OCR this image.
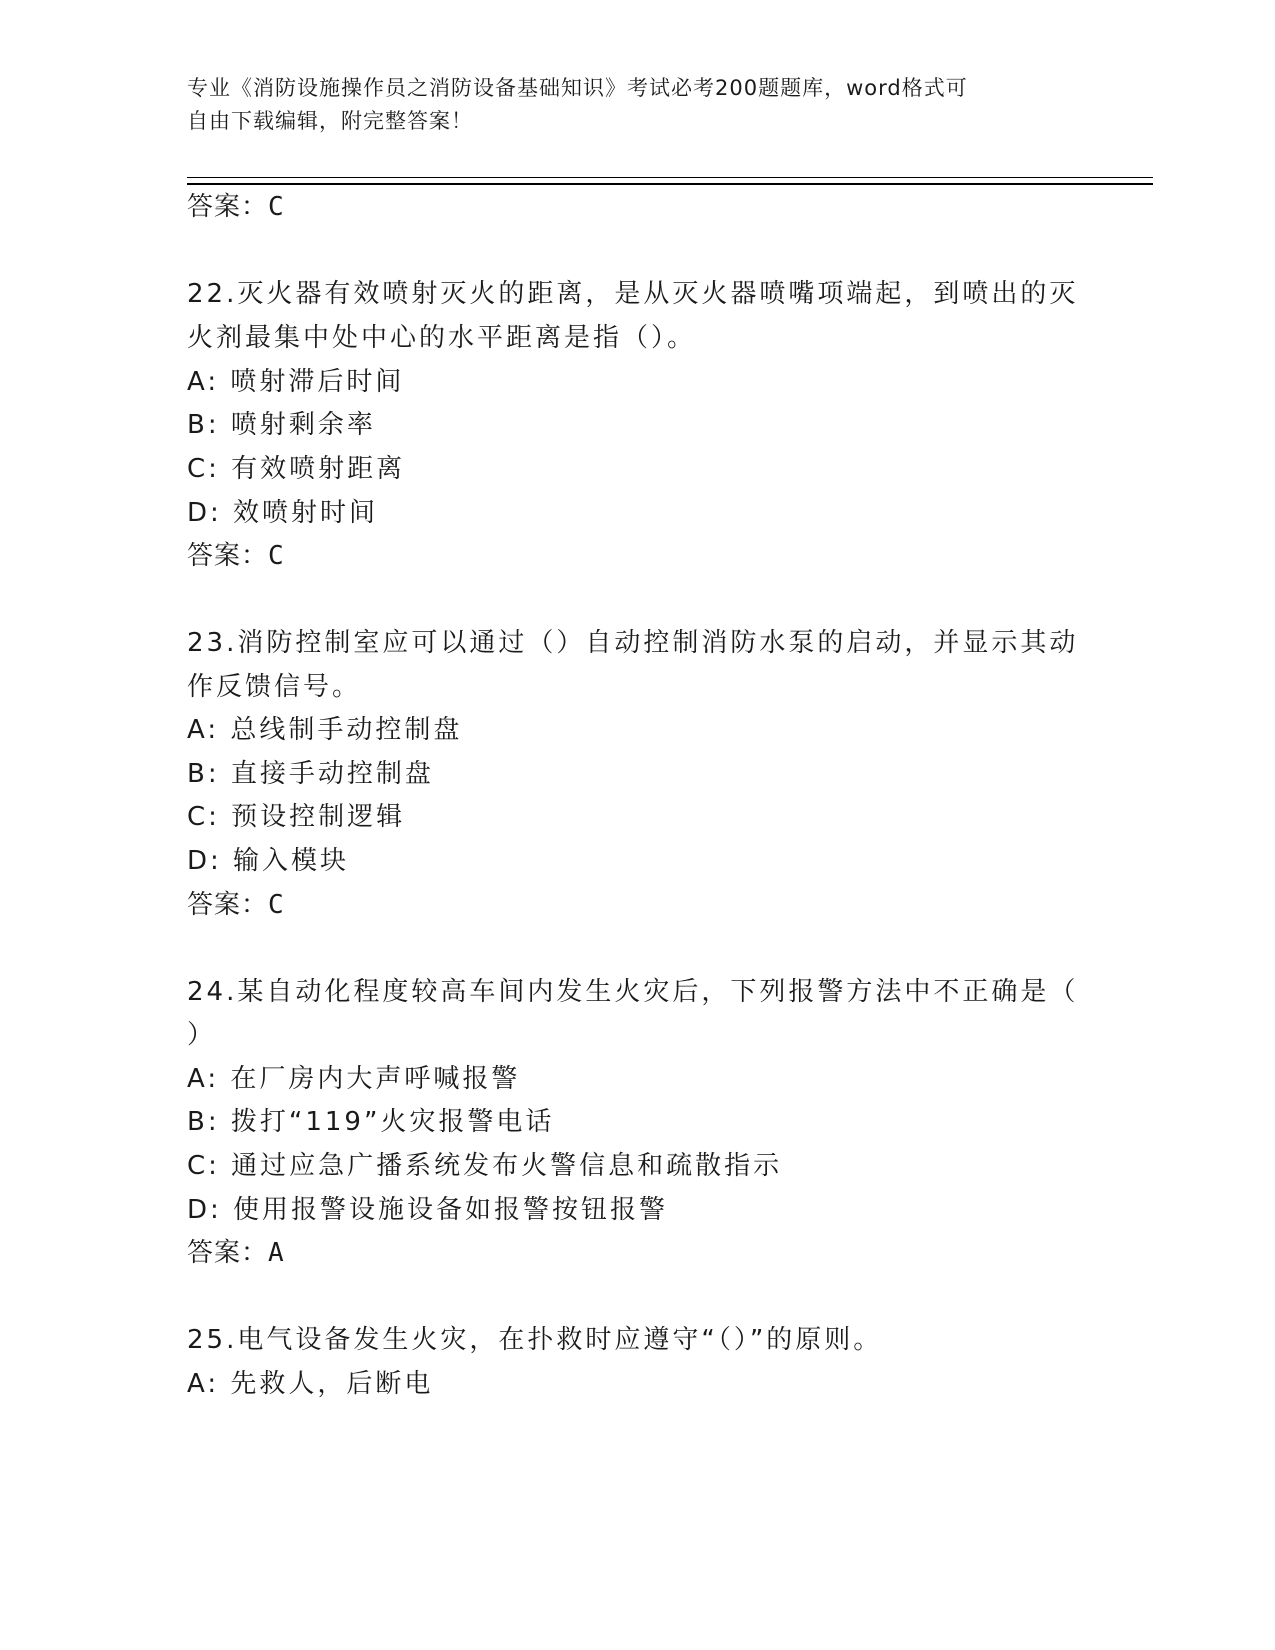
专业《消防设施操作员之消防设备基础知识》考试必考200题题库，word格式可
自由下载编辑，附完整答案！
答案：C
22.灭火器有效喷射灭火的距离，是从灭火器喷嘴项端起，到喷出的灭
火剂最集中处中心的水平距离是指（）。
A: 喷射滞后时间
B: 喷射剩余率
C: 有效喷射距离
D: 效喷射时间
答案：C
23.消防控制室应可以通过（）自动控制消防水泵的启动，并显示其动
作反馈信号。
A: 总线制手动控制盘
B: 直接手动控制盘
C: 预设控制逻辑
D: 输入模块
答案：C
24.某自动化程度较高车间内发生火灾后，下列报警方法中不正确是（
）
A: 在厂房内大声呼喊报警
B: 拨打“119”火灾报警电话
C: 通过应急广播系统发布火警信息和疏散指示
D: 使用报警设施设备如报警按钮报警
答案：A
25.电气设备发生火灾，在扑救时应遵守“（）”的原则。
A: 先救人，后断电
